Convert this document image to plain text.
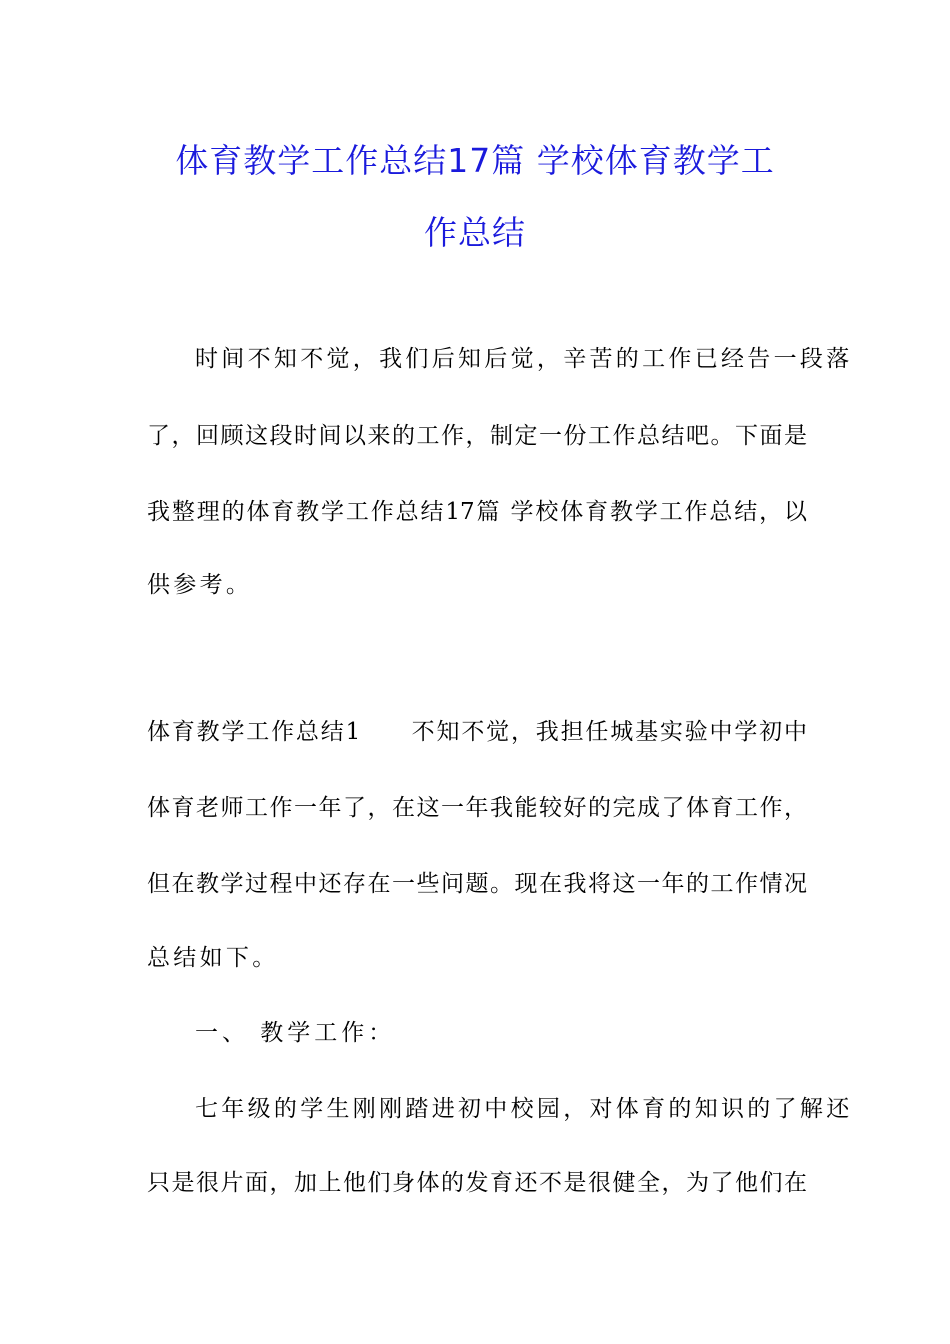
体育教学工作总结17篇 学校体育教学工
作总结
时间不知不觉，我们后知后觉，辛苦的工作已经告一段落
了，回顾这段时间以来的工作，制定一份工作总结吧。下面是
我整理的体育教学工作总结17篇 学校体育教学工作总结，以
供参考。
体育教学工作总结1　　不知不觉，我担任城基实验中学初中
体育老师工作一年了，在这一年我能较好的完成了体育工作，
但在教学过程中还存在一些问题。现在我将这一年的工作情况
总结如下。
一、 教学工作：
七年级的学生刚刚踏进初中校园，对体育的知识的了解还
只是很片面，加上他们身体的发育还不是很健全，为了他们在
